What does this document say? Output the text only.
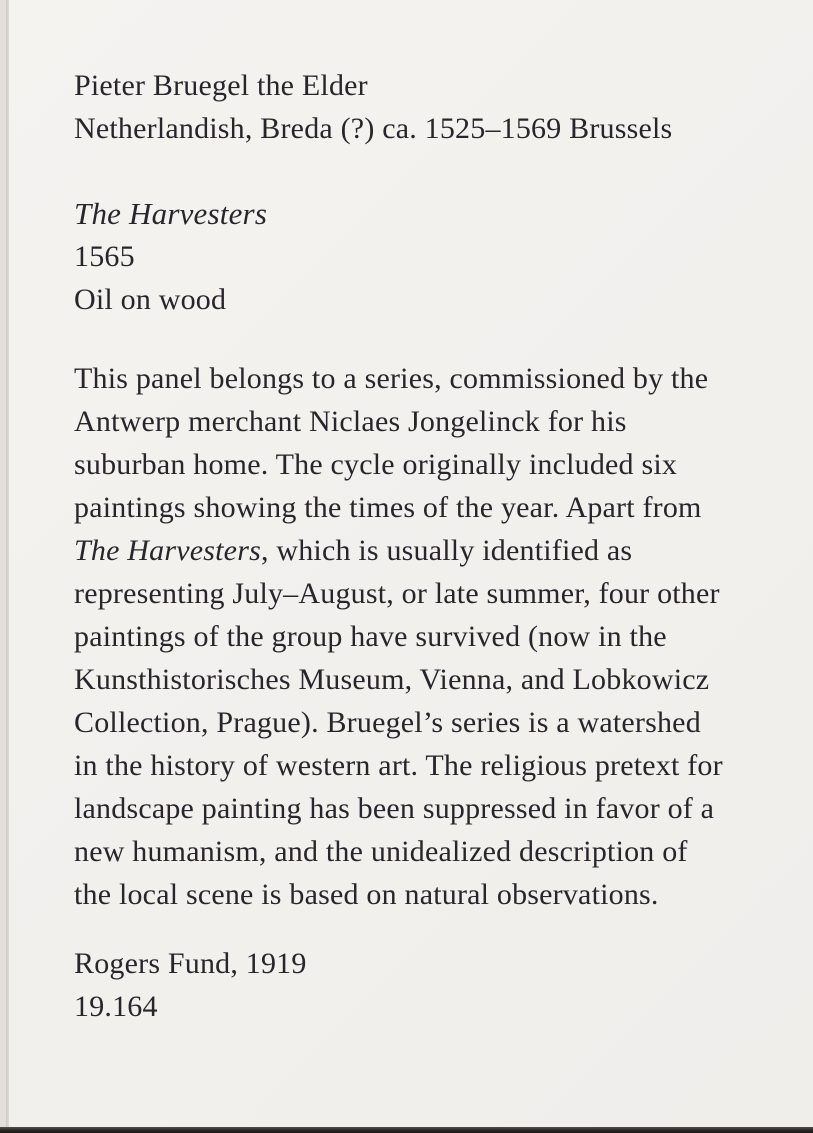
Pieter Bruegel the Elder
Netherlandish, Breda (?) ca. 1525–1569 Brussels
The Harvesters
1565
Oil on wood

This panel belongs to a series, commissioned by the Antwerp merchant Niclaes Jongelinck for his suburban home. The cycle originally included six paintings showing the times of the year. Apart from The Harvesters, which is usually identified as representing July–August, or late summer, four other paintings of the group have survived (now in the Kunsthistorisches Museum, Vienna, and Lobkowicz Collection, Prague). Bruegel’s series is a watershed in the history of western art. The religious pretext for landscape painting has been suppressed in favor of a new humanism, and the unidealized description of the local scene is based on natural observations.

Rogers Fund, 1919
19.164
